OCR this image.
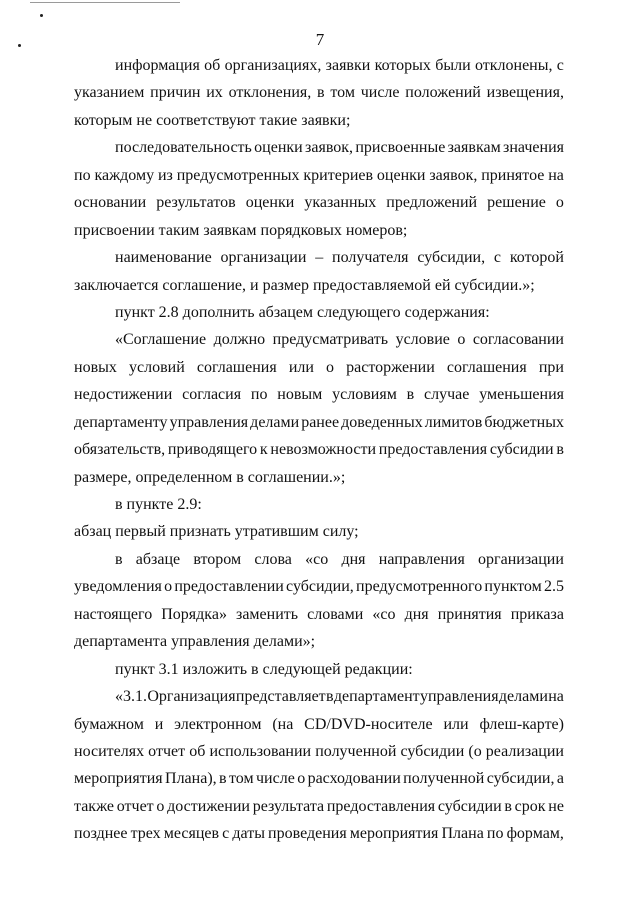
7
информация об организациях, заявки которых были отклонены, с
указанием причин их отклонения, в том числе положений извещения,
которым не соответствуют такие заявки;
последовательность оценки заявок, присвоенные заявкам значения
по каждому из предусмотренных критериев оценки заявок, принятое на
основании результатов оценки указанных предложений решение о
присвоении таким заявкам порядковых номеров;
наименование организации – получателя субсидии, с которой
заключается соглашение, и размер предоставляемой ей субсидии.»;
пункт 2.8 дополнить абзацем следующего содержания:
«Соглашение должно предусматривать условие о согласовании
новых условий соглашения или о расторжении соглашения при
недостижении согласия по новым условиям в случае уменьшения
департаменту управления делами ранее доведенных лимитов бюджетных
обязательств, приводящего к невозможности предоставления субсидии в
размере, определенном в соглашении.»;
в пункте 2.9:
абзац первый признать утратившим силу;
в абзаце втором слова «со дня направления организации
уведомления о предоставлении субсидии, предусмотренного пунктом 2.5
настоящего Порядка» заменить словами «со дня принятия приказа
департамента управления делами»;
пункт 3.1 изложить в следующей редакции:
«3.1. Организация представляет в департамент управления делами на
бумажном и электронном (на CD/DVD-носителе или флеш-карте)
носителях отчет об использовании полученной субсидии (о реализации
мероприятия Плана), в том числе о расходовании полученной субсидии, а
также отчет о достижении результата предоставления субсидии в срок не
позднее трех месяцев с даты проведения мероприятия Плана по формам,
